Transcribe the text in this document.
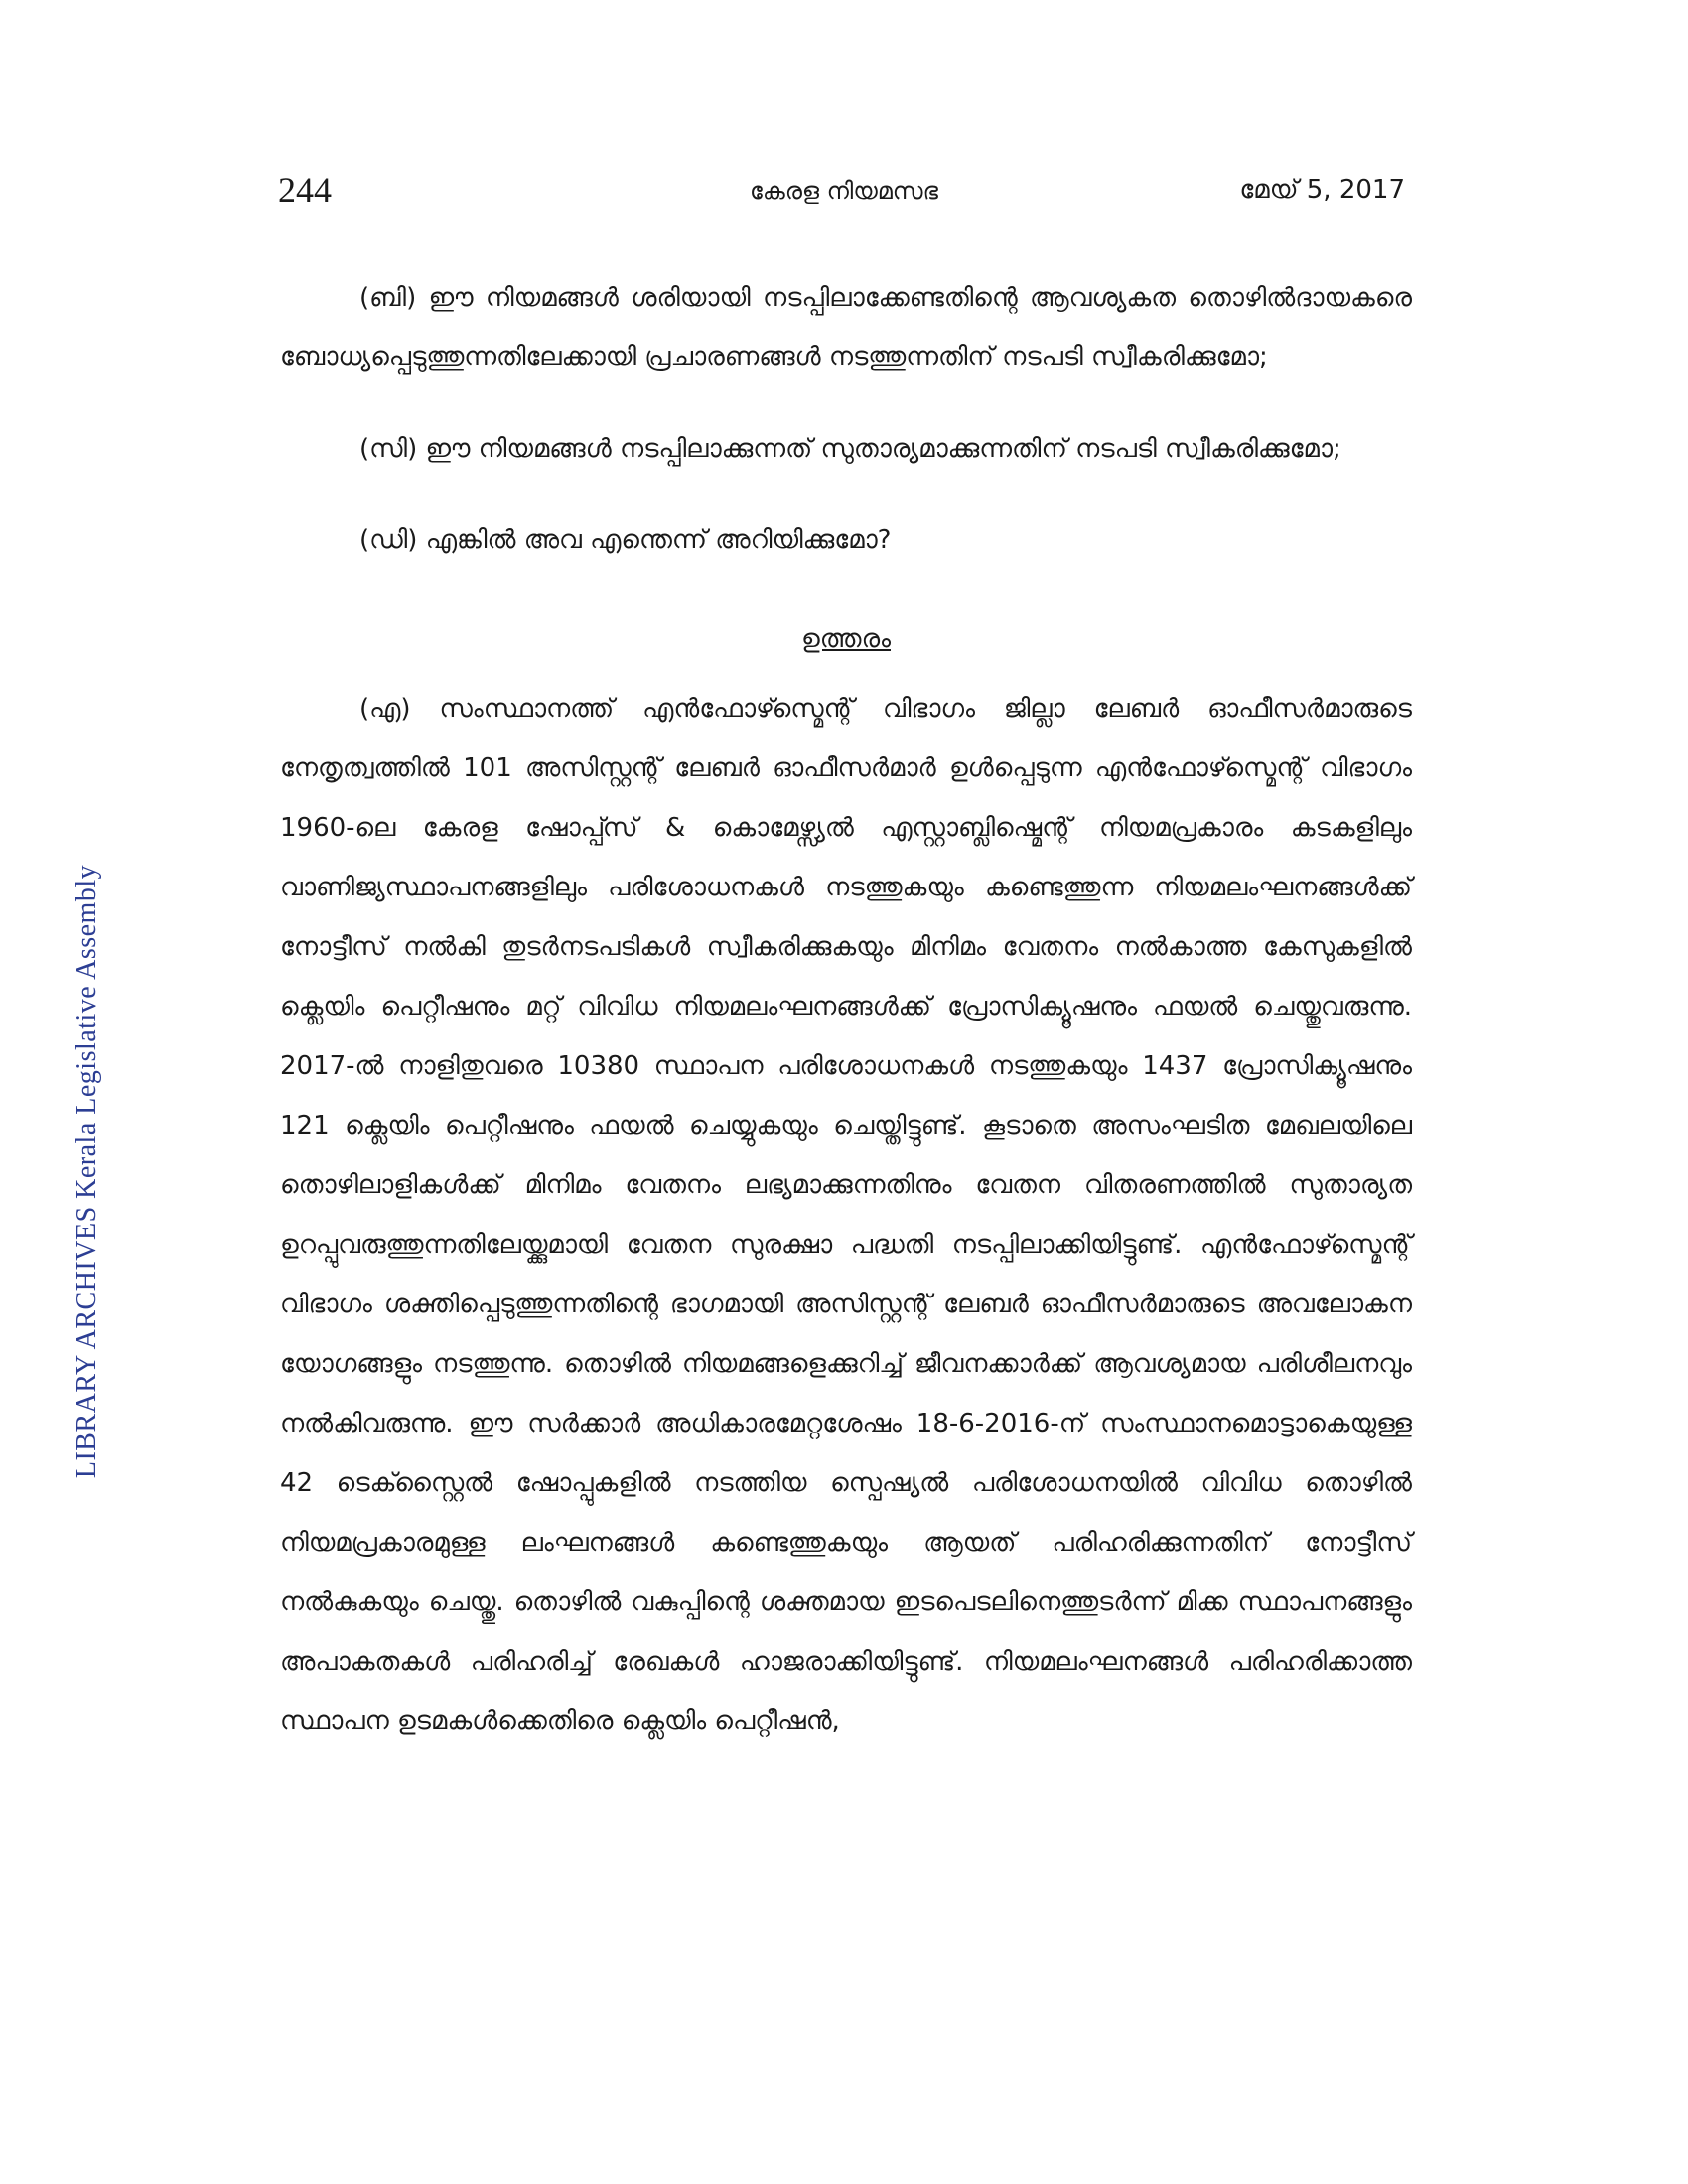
244	കേരള നിയമസഭ	മേയ് 5, 2017
LIBRARY ARCHIVES Kerala Legislative Assembly

(ബി) ഈ നിയമങ്ങൾ ശരിയായി നടപ്പിലാക്കേണ്ടതിന്റെ ആവശ്യകത തൊഴിൽദായകരെ ബോധ്യപ്പെടുത്തുന്നതിലേക്കായി പ്രചാരണങ്ങൾ നടത്തുന്നതിന് നടപടി സ്വീകരിക്കുമോ;

(സി) ഈ നിയമങ്ങൾ നടപ്പിലാക്കുന്നത് സുതാര്യമാക്കുന്നതിന് നടപടി സ്വീകരിക്കുമോ;

(ഡി) എങ്കിൽ അവ എന്തെന്ന് അറിയിക്കുമോ?

ഉത്തരം

(എ) സംസ്ഥാനത്ത് എൻഫോഴ്സ്മെന്റ് വിഭാഗം ജില്ലാ ലേബർ ഓഫീസർമാരുടെ നേതൃത്വത്തിൽ 101 അസിസ്റ്റന്റ് ലേബർ ഓഫീസർമാർ ഉൾപ്പെടുന്ന എൻഫോഴ്സ്മെന്റ് വിഭാഗം 1960-ലെ കേരള ഷോപ്പ്സ് & കൊമേഴ്സ്യൽ എസ്റ്റാബ്ലിഷ്മെന്റ് നിയമപ്രകാരം കടകളിലും വാണിജ്യസ്ഥാപനങ്ങളിലും പരിശോധനകൾ നടത്തുകയും കണ്ടെത്തുന്ന നിയമലംഘനങ്ങൾക്ക് നോട്ടീസ് നൽകി തുടർനടപടികൾ സ്വീകരിക്കുകയും മിനിമം വേതനം നൽകാത്ത കേസുകളിൽ ക്ലെയിം പെറ്റീഷനും മറ്റ് വിവിധ നിയമലംഘനങ്ങൾക്ക് പ്രോസിക്യൂഷനും ഫയൽ ചെയ്തുവരുന്നു. 2017-ൽ നാളിതുവരെ 10380 സ്ഥാപന പരിശോധനകൾ നടത്തുകയും 1437 പ്രോസിക്യൂഷനും 121 ക്ലെയിം പെറ്റീഷനും ഫയൽ ചെയ്യുകയും ചെയ്തിട്ടുണ്ട്. കൂടാതെ അസംഘടിത മേഖലയിലെ തൊഴിലാളികൾക്ക് മിനിമം വേതനം ലഭ്യമാക്കുന്നതിനും വേതന വിതരണത്തിൽ സുതാര്യത ഉറപ്പുവരുത്തുന്നതിലേയ്ക്കുമായി വേതന സുരക്ഷാ പദ്ധതി നടപ്പിലാക്കിയിട്ടുണ്ട്. എൻഫോഴ്സ്മെന്റ് വിഭാഗം ശക്തിപ്പെടുത്തുന്നതിന്റെ ഭാഗമായി അസിസ്റ്റന്റ് ലേബർ ഓഫീസർമാരുടെ അവലോകന യോഗങ്ങളും നടത്തുന്നു. തൊഴിൽ നിയമങ്ങളെക്കുറിച്ച് ജീവനക്കാർക്ക് ആവശ്യമായ പരിശീലനവും നൽകിവരുന്നു. ഈ സർക്കാർ അധികാരമേറ്റശേഷം 18-6-2016-ന് സംസ്ഥാനമൊട്ടാകെയുള്ള 42 ടെക്സ്റ്റൈൽ ഷോപ്പുകളിൽ നടത്തിയ സ്പെഷ്യൽ പരിശോധനയിൽ വിവിധ തൊഴിൽ നിയമപ്രകാരമുള്ള ലംഘനങ്ങൾ കണ്ടെത്തുകയും ആയത് പരിഹരിക്കുന്നതിന് നോട്ടീസ് നൽകുകയും ചെയ്തു. തൊഴിൽ വകുപ്പിന്റെ ശക്തമായ ഇടപെടലിനെത്തുടർന്ന് മിക്ക സ്ഥാപനങ്ങളും അപാകതകൾ പരിഹരിച്ച് രേഖകൾ ഹാജരാക്കിയിട്ടുണ്ട്. നിയമലംഘനങ്ങൾ പരിഹരിക്കാത്ത സ്ഥാപന ഉടമകൾക്കെതിരെ ക്ലെയിം പെറ്റീഷൻ,
